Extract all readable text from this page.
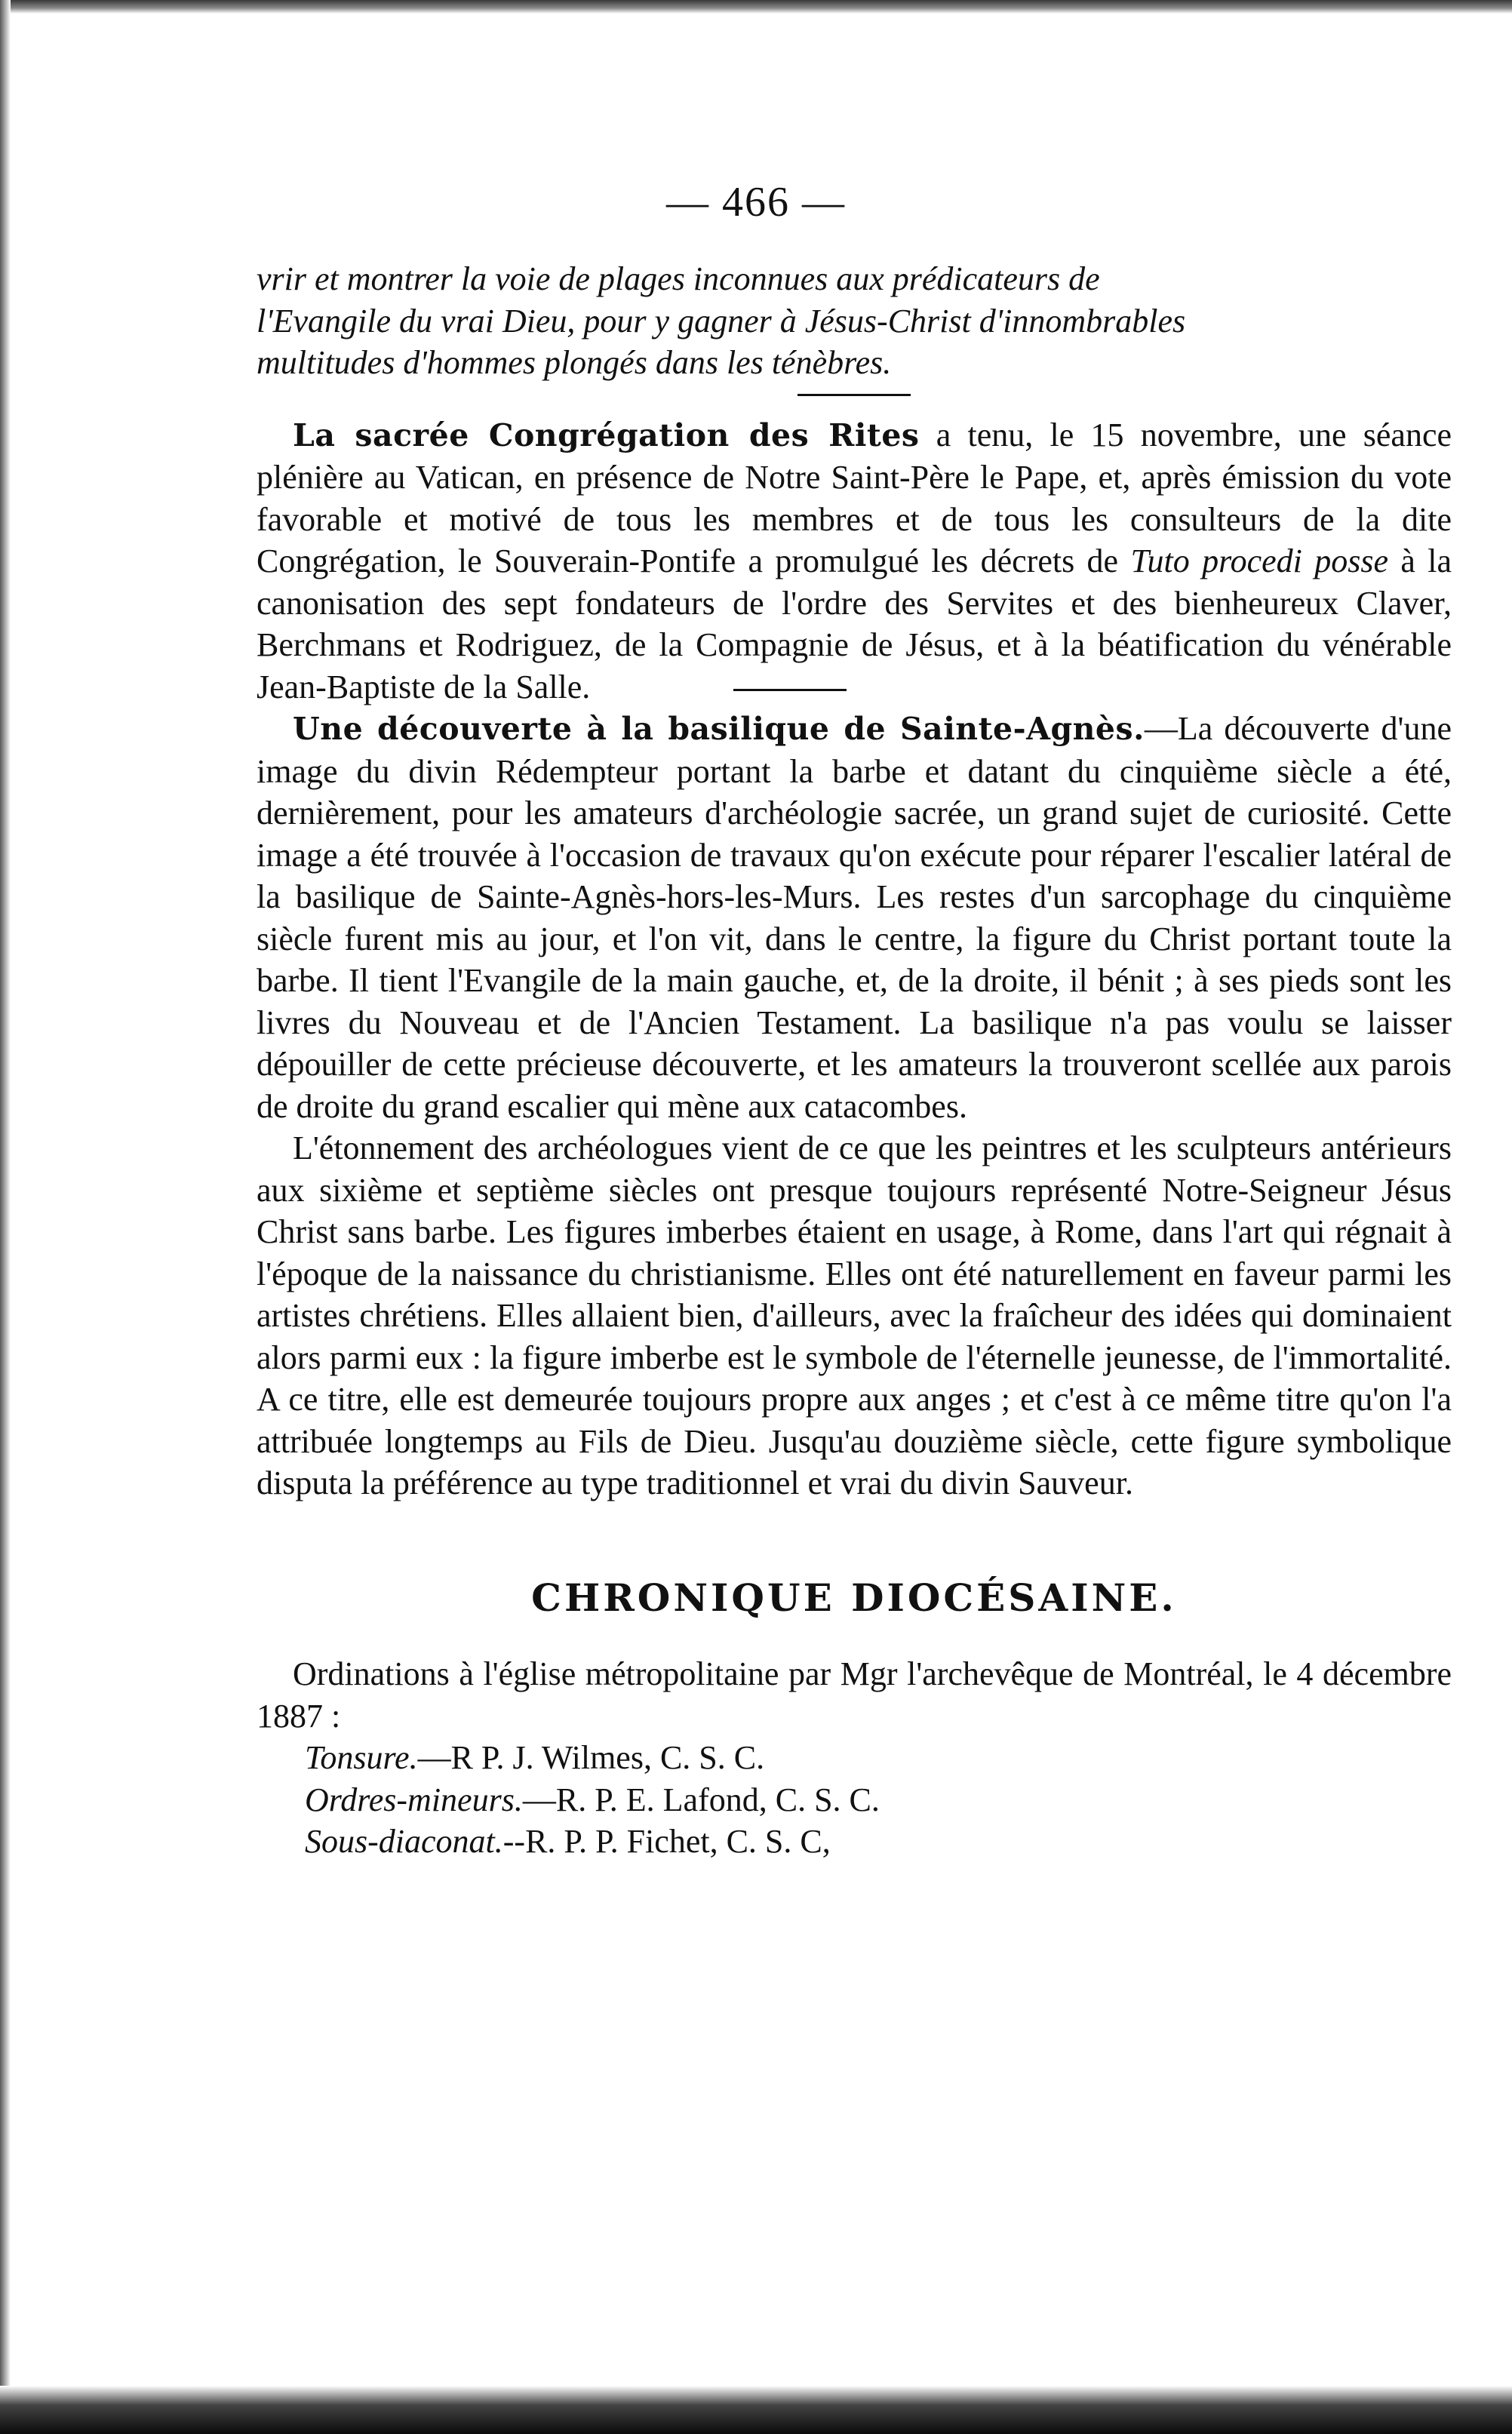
— 466 —

vrir et montrer la voie de plages inconnues aux prédicateurs de

l'Evangile du vrai Dieu, pour y gagner à Jésus-Christ d'innombrables

multitudes d'hommes plongés dans les ténèbres.

La sacrée Congrégation des Rites a tenu, le 15 novembre, une séance plénière au Vatican, en présence de Notre Saint-Père le Pape, et, après émission du vote favorable et motivé de tous les membres et de tous les consulteurs de la dite Congrégation, le Souverain-Pontife a promulgué les décrets de Tuto procedi posse à la canonisation des sept fondateurs de l'ordre des Servites et des bienheureux Claver, Berchmans et Rodriguez, de la Compagnie de Jésus, et à la béatification du vénérable Jean-Baptiste de la Salle.

Une découverte à la basilique de Sainte-Agnès.—La découverte d'une image du divin Rédempteur portant la barbe et datant du cinquième siècle a été, dernièrement, pour les amateurs d'archéologie sacrée, un grand sujet de curiosité. Cette image a été trouvée à l'occasion de travaux qu'on exécute pour réparer l'escalier latéral de la basilique de Sainte-Agnès-hors-les-Murs. Les restes d'un sarcophage du cinquième siècle furent mis au jour, et l'on vit, dans le centre, la figure du Christ portant toute la barbe. Il tient l'Evangile de la main gauche, et, de la droite, il bénit ; à ses pieds sont les livres du Nouveau et de l'Ancien Testament. La basilique n'a pas voulu se laisser dépouiller de cette précieuse découverte, et les amateurs la trouveront scellée aux parois de droite du grand escalier qui mène aux catacombes.

L'étonnement des archéologues vient de ce que les peintres et les sculpteurs antérieurs aux sixième et septième siècles ont presque toujours représenté Notre-Seigneur Jésus Christ sans barbe. Les figures imberbes étaient en usage, à Rome, dans l'art qui régnait à l'époque de la naissance du christianisme. Elles ont été naturellement en faveur parmi les artistes chrétiens. Elles allaient bien, d'ailleurs, avec la fraîcheur des idées qui dominaient alors parmi eux : la figure imberbe est le symbole de l'éternelle jeunesse, de l'immortalité. A ce titre, elle est demeurée toujours propre aux anges ; et c'est à ce même titre qu'on l'a attribuée longtemps au Fils de Dieu. Jusqu'au douzième siècle, cette figure symbolique disputa la préférence au type traditionnel et vrai du divin Sauveur.

CHRONIQUE DIOCÉSAINE.

Ordinations à l'église métropolitaine par Mgr l'archevêque de Montréal, le 4 décembre 1887 :

Tonsure.—R P. J. Wilmes, C. S. C.

Ordres-mineurs.—R. P. E. Lafond, C. S. C.

Sous-diaconat.--R. P. P. Fichet, C. S. C,
